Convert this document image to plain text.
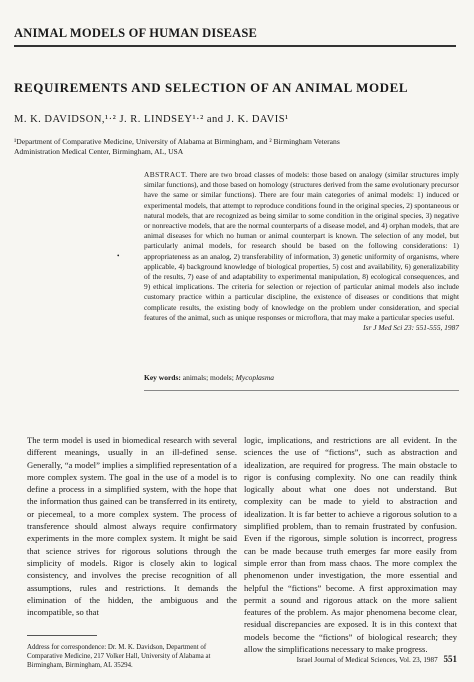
ANIMAL MODELS OF HUMAN DISEASE
REQUIREMENTS AND SELECTION OF AN ANIMAL MODEL
M. K. DAVIDSON,¹·² J. R. LINDSEY¹·² and J. K. DAVIS¹
¹Department of Comparative Medicine, University of Alabama at Birmingham, and ² Birmingham Veterans
Administration Medical Center, Birmingham, AL, USA
•
ABSTRACT. There are two broad classes of models: those based on analogy (similar structures imply similar functions), and those based on homology (structures derived from the same evolutionary precursor have the same or similar functions). There are four main categories of animal models: 1) induced or experimental models, that attempt to reproduce conditions found in the original species, 2) spontaneous or natural models, that are recognized as being similar to some condition in the original species, 3) negative or nonreactive models, that are the normal counterparts of a disease model, and 4) orphan models, that are animal diseases for which no human or animal counterpart is known. The selection of any model, but particularly animal models, for research should be based on the following considerations: 1) appropriateness as an analog, 2) transferability of information, 3) genetic uniformity of organisms, where applicable, 4) background knowledge of biological properties, 5) cost and availability, 6) generalizability of the results, 7) ease of and adaptability to experimental manipulation, 8) ecological consequences, and 9) ethical implications. The criteria for selection or rejection of particular animal models also include customary practice within a particular discipline, the existence of diseases or conditions that might complicate results, the existing body of knowledge on the problem under consideration, and special features of the animal, such as unique responses or microflora, that may make a particular species useful.
Isr J Med Sci 23: 551-555, 1987
Key words: animals; models; Mycoplasma
The term model is used in biomedical research with several different meanings, usually in an ill-defined sense. Generally, “a model” implies a simplified representation of a more complex system. The goal in the use of a model is to define a process in a simplified system, with the hope that the information thus gained can be transferred in its entirety, or piecemeal, to a more complex system. The process of transference should almost always require confirmatory experiments in the more complex system. It might be said that science strives for rigorous solutions through the simplicity of models. Rigor is closely akin to logical consistency, and involves the precise recognition of all assumptions, rules and restrictions. It demands the elimination of the hidden, the ambiguous and the incompatible, so that
logic, implications, and restrictions are all evident. In the sciences the use of “fictions”, such as abstraction and idealization, are required for progress. The main obstacle to rigor is confusing complexity. No one can readily think logically about what one does not understand. But complexity can be made to yield to abstraction and idealization. It is far better to achieve a rigorous solution to a simplified problem, than to remain frustrated by confusion. Even if the rigorous, simple solution is incorrect, progress can be made because truth emerges far more easily from simple error than from mass chaos. The more complex the phenomenon under investigation, the more essential and helpful the “fictions” become. A first approximation may permit a sound and rigorous attack on the more salient features of the problem. As major phenomena become clear, residual discrepancies are exposed. It is in this context that models become the “fictions” of biological research; they allow the simplifications necessary to make progress.
Address for correspondence: Dr. M. K. Davidson, Department of Comparative Medicine, 217 Volker Hall, University of Alabama at Birmingham, Birmingham, AL 35294.
Israel Journal of Medical Sciences, Vol. 23, 1987 551
